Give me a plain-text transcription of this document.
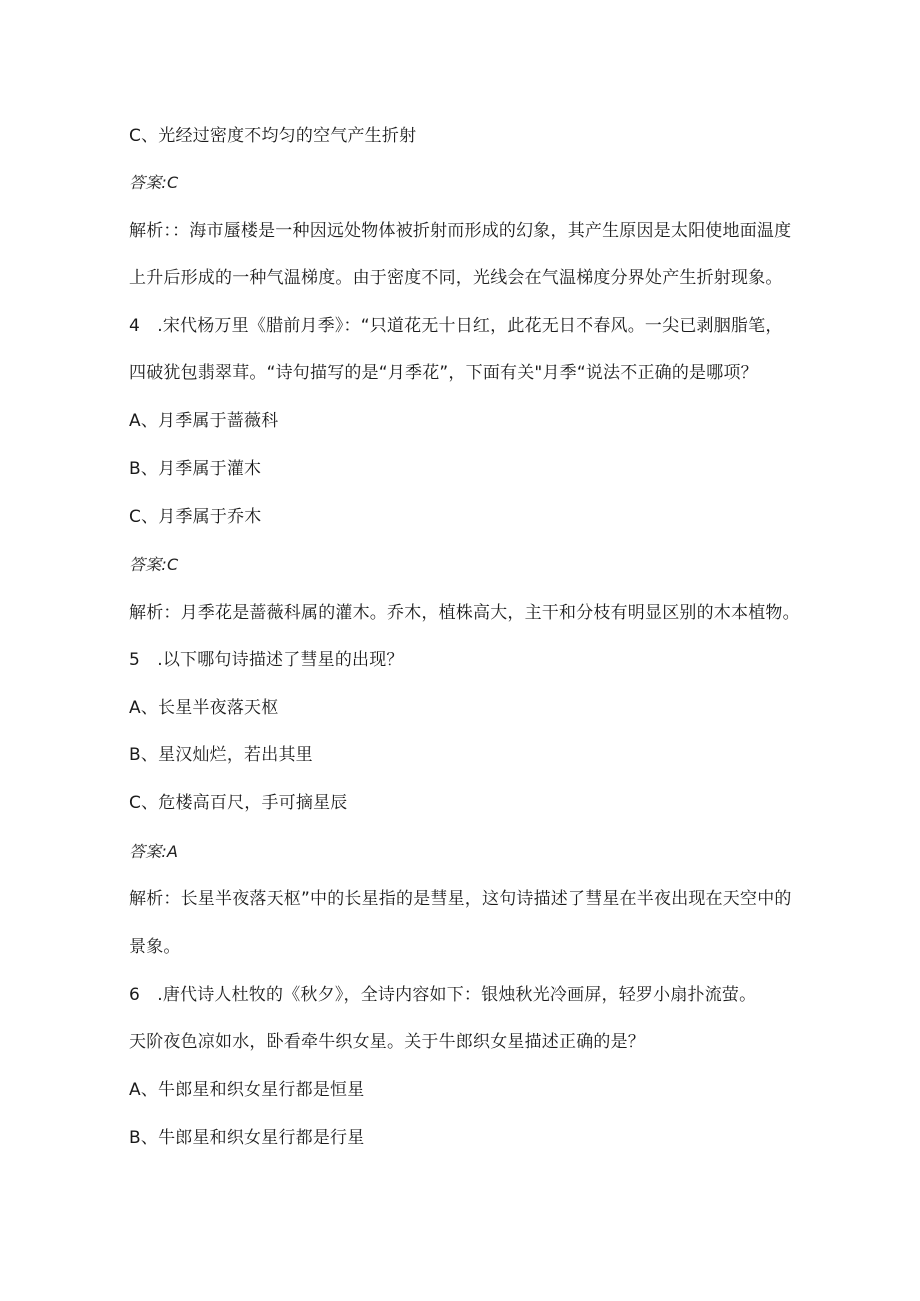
C、光经过密度不均匀的空气产生折射
答案:C
解析：：海市蜃楼是一种因远处物体被折射而形成的幻象，其产生原因是太阳使地面温度
上升后形成的一种气温梯度。由于密度不同，光线会在气温梯度分界处产生折射现象。
4　.宋代杨万里《腊前月季》：“只道花无十日红，此花无日不春风。一尖已剥胭脂笔，
四破犹包翡翠茸。“诗句描写的是“月季花”，下面有关"月季“说法不正确的是哪项？
A、月季属于蔷薇科
B、月季属于灌木
C、月季属于乔木
答案:C
解析：月季花是蔷薇科属的灌木。乔木，植株高大，主干和分枝有明显区别的木本植物。
5　.以下哪句诗描述了彗星的出现？
A、长星半夜落天枢
B、星汉灿烂，若出其里
C、危楼高百尺，手可摘星辰
答案:A
解析：长星半夜落天枢”中的长星指的是彗星，这句诗描述了彗星在半夜出现在天空中的
景象。
6　.唐代诗人杜牧的《秋夕》，全诗内容如下：银烛秋光冷画屏，轻罗小扇扑流萤。
天阶夜色凉如水，卧看牵牛织女星。关于牛郎织女星描述正确的是？
A、牛郎星和织女星行都是恒星
B、牛郎星和织女星行都是行星
